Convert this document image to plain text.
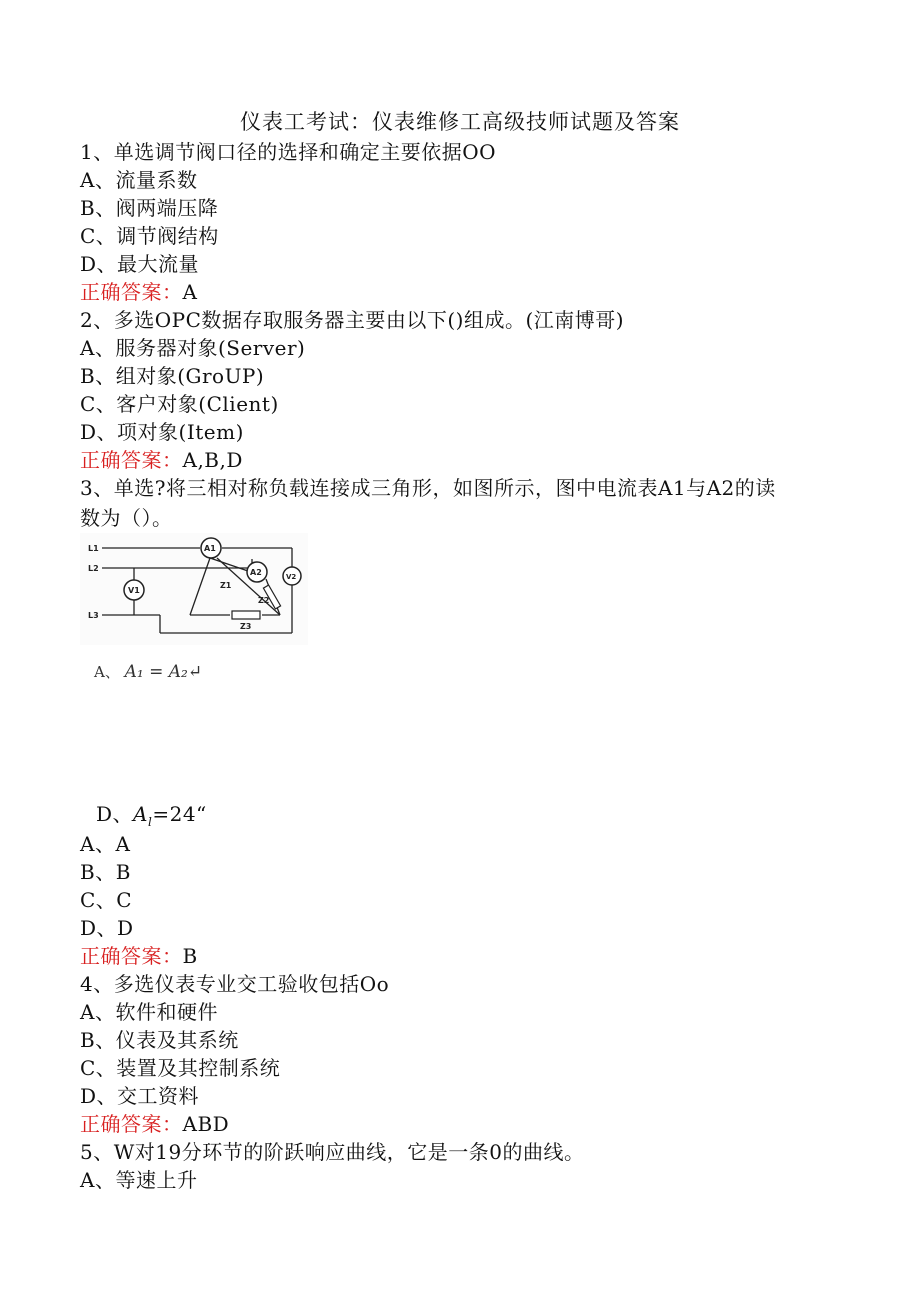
仪表工考试：仪表维修工高级技师试题及答案
1、单选调节阀口径的选择和确定主要依据OO
A、流量系数
B、阀两端压降
C、调节阀结构
D、最大流量
正确答案：A
2、多选OPC数据存取服务器主要由以下()组成。(江南博哥)
A、服务器对象(Server)
B、组对象(GroUP)
C、客户对象(Client)
D、项对象(Item)
正确答案：A,B,D
3、单选?将三相对称负载连接成三角形，如图所示，图中电流表A1与A2的读
数为（）。
A1
A2	V2
V1
L1
L2
L3
Z1
Z2
Z3
A、 A₁ = A₂↵
D、$A_l=24“$
A、A
B、B
C、C
D、D
正确答案：B
4、多选仪表专业交工验收包括Oo
A、软件和硬件
B、仪表及其系统
C、装置及其控制系统
D、交工资料
正确答案：ABD
5、W对19分环节的阶跃响应曲线，它是一条0的曲线。
A、等速上升
